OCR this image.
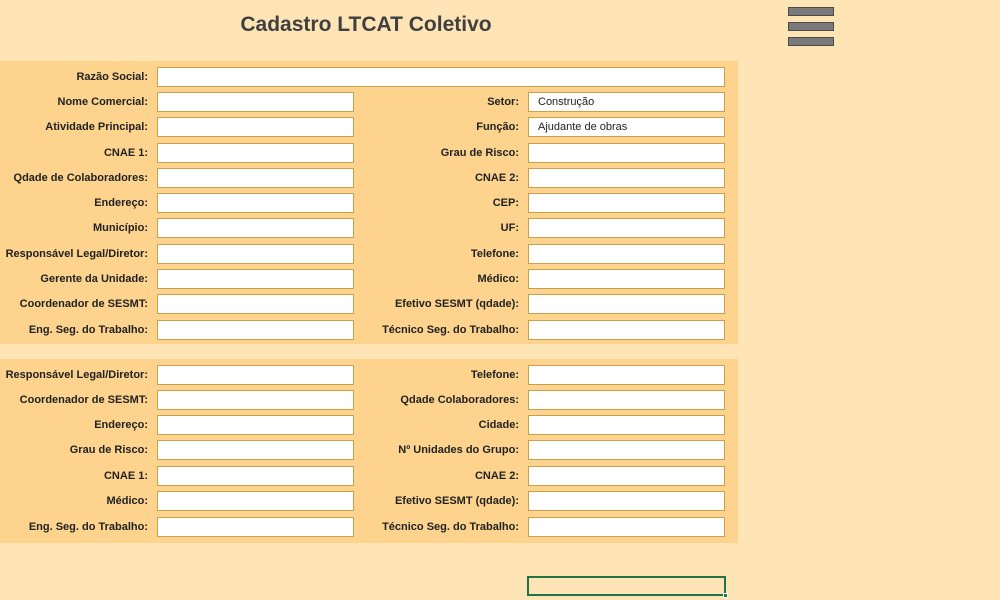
Cadastro LTCAT Coletivo
Razão Social:
Nome Comercial:
Atividade Principal:
CNAE 1:
Qdade de Colaboradores:
Endereço:
Município:
Responsável Legal/Diretor:
Gerente da Unidade:
Coordenador de SESMT:
Eng. Seg. do Trabalho:
Setor:
Construção
Função:
Ajudante de obras
Grau de Risco:
CNAE 2:
CEP:
UF:
Telefone:
Médico:
Efetivo SESMT (qdade):
Técnico Seg. do Trabalho:
Responsável Legal/Diretor:
Coordenador de SESMT:
Endereço:
Grau de Risco:
CNAE 1:
Médico:
Eng. Seg. do Trabalho:
Telefone:
Qdade Colaboradores:
Cidade:
Nº Unidades do Grupo:
CNAE 2:
Efetivo SESMT (qdade):
Técnico Seg. do Trabalho:
